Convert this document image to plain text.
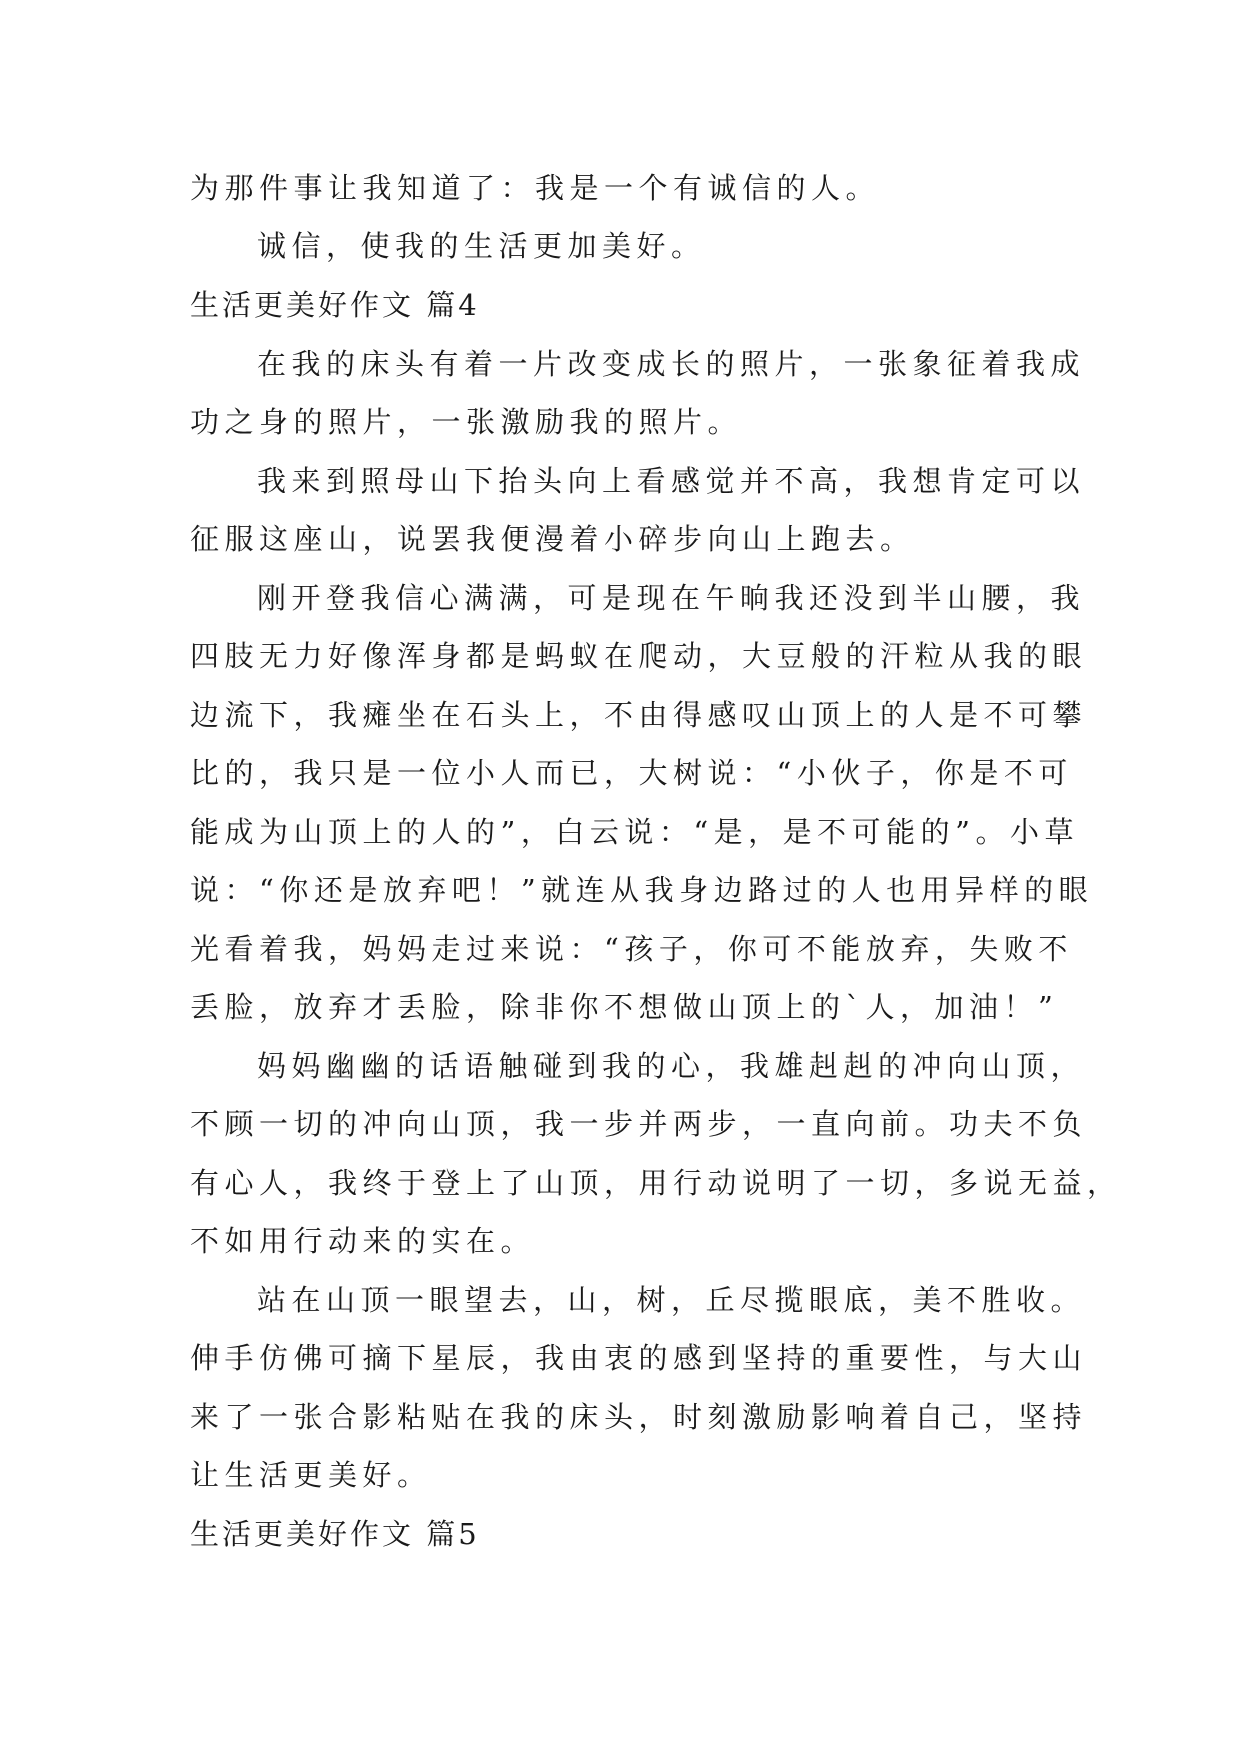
为那件事让我知道了：我是一个有诚信的人。
诚信，使我的生活更加美好。
生活更美好作文 篇4
在我的床头有着一片改变成长的照片，一张象征着我成
功之身的照片，一张激励我的照片。
我来到照母山下抬头向上看感觉并不高，我想肯定可以
征服这座山，说罢我便漫着小碎步向山上跑去。
刚开登我信心满满，可是现在午晌我还没到半山腰，我
四肢无力好像浑身都是蚂蚁在爬动，大豆般的汗粒从我的眼
边流下，我瘫坐在石头上，不由得感叹山顶上的人是不可攀
比的，我只是一位小人而已，大树说：“小伙子，你是不可
能成为山顶上的人的”，白云说：“是，是不可能的”。小草
说：“你还是放弃吧！”就连从我身边路过的人也用异样的眼
光看着我，妈妈走过来说：“孩子，你可不能放弃，失败不
丢脸，放弃才丢脸，除非你不想做山顶上的`人，加油！”
妈妈幽幽的话语触碰到我的心，我雄赳赳的冲向山顶，
不顾一切的冲向山顶，我一步并两步，一直向前。功夫不负
有心人，我终于登上了山顶，用行动说明了一切，多说无益，
不如用行动来的实在。
站在山顶一眼望去，山，树，丘尽揽眼底，美不胜收。
伸手仿佛可摘下星辰，我由衷的感到坚持的重要性，与大山
来了一张合影粘贴在我的床头，时刻激励影响着自己，坚持
让生活更美好。
生活更美好作文 篇5
